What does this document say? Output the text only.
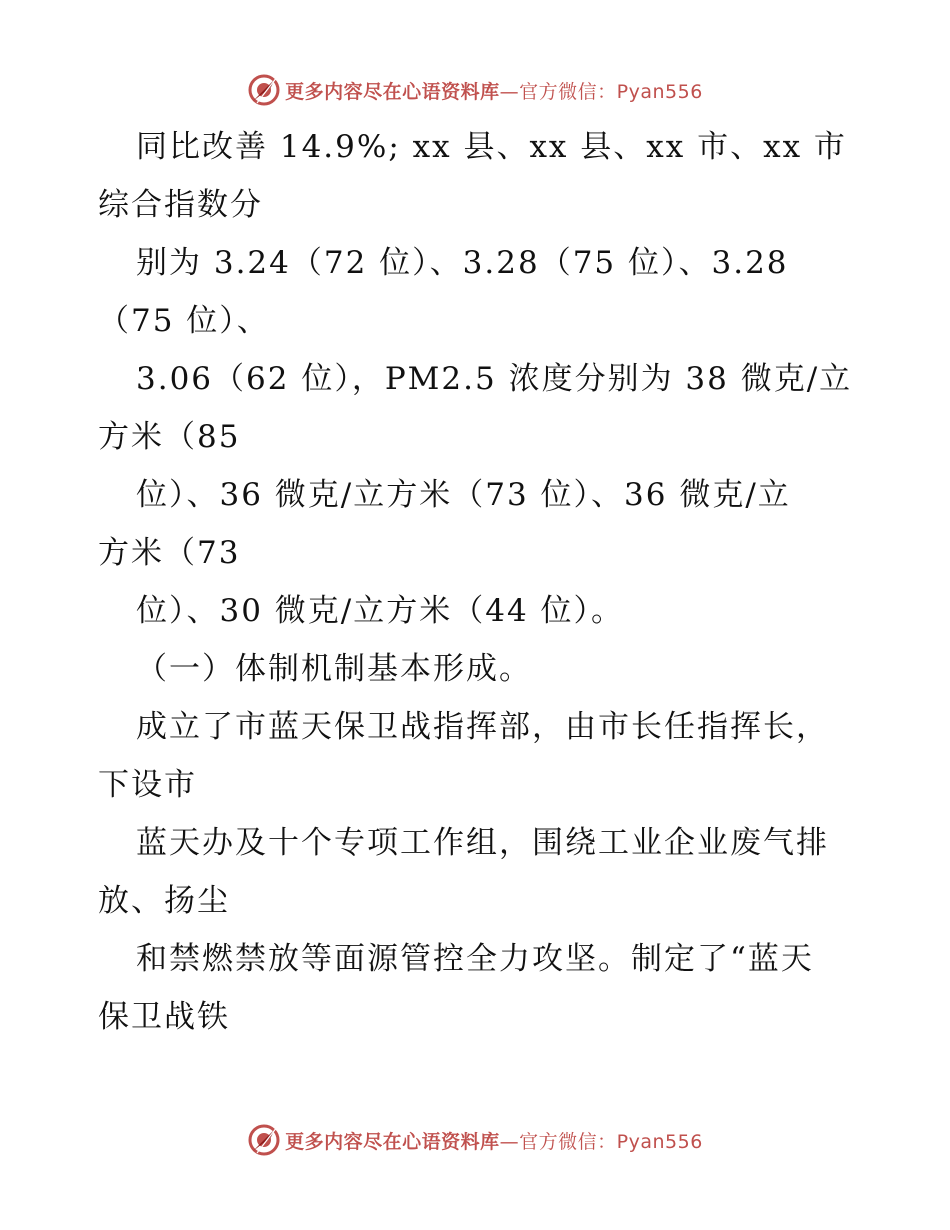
更多内容尽在心语资料库—官方微信：Pyan556
同比改善 14.9%; xx 县、xx 县、xx 市、xx 市
综合指数分
别为 3.24（72 位）、3.28（75 位）、3.28
（75 位）、
3.06（62 位），PM2.5 浓度分别为 38 微克/立
方米（85
位）、36 微克/立方米（73 位）、36 微克/立
方米（73
位）、30 微克/立方米（44 位）。
（一）体制机制基本形成。
成立了市蓝天保卫战指挥部，由市长任指挥长，
下设市
蓝天办及十个专项工作组，围绕工业企业废气排
放、扬尘
和禁燃禁放等面源管控全力攻坚。制定了“蓝天
保卫战铁
更多内容尽在心语资料库—官方微信：Pyan556
